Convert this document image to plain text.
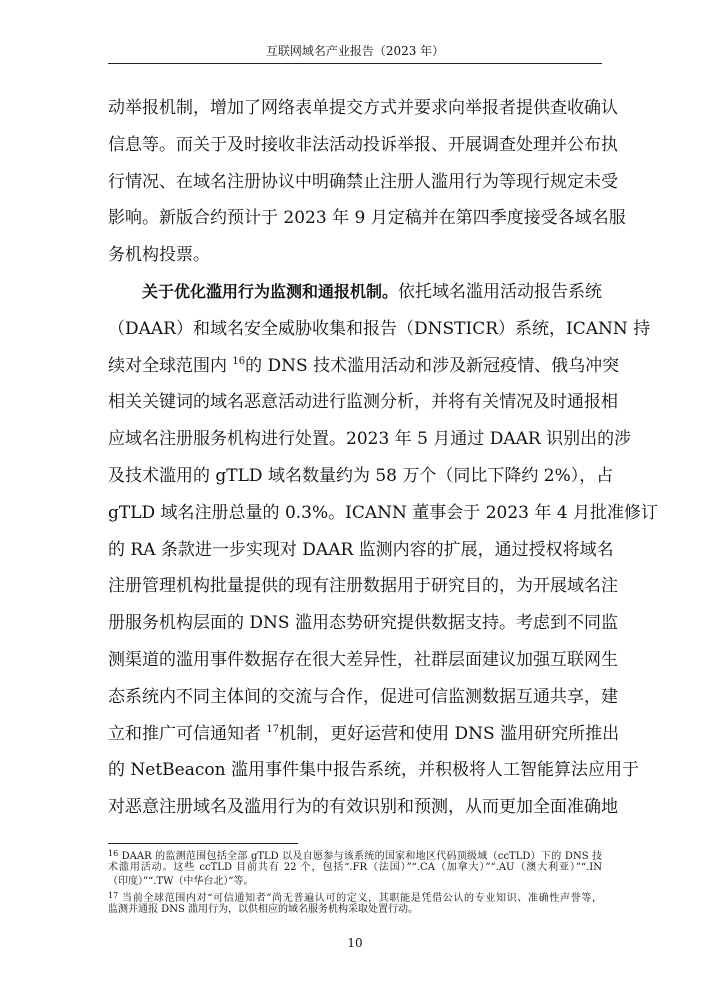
互联网域名产业报告（2023 年）
动举报机制，增加了网络表单提交方式并要求向举报者提供查收确认
信息等。而关于及时接收非法活动投诉举报、开展调查处理并公布执
行情况、在域名注册协议中明确禁止注册人滥用行为等现行规定未受
影响。新版合约预计于 2023 年 9 月定稿并在第四季度接受各域名服
务机构投票。
关于优化滥用行为监测和通报机制。依托域名滥用活动报告系统
（DAAR）和域名安全威胁收集和报告（DNSTICR）系统，ICANN 持
续对全球范围内 $^{16}$的 DNS 技术滥用活动和涉及新冠疫情、俄乌冲突
相关关键词的域名恶意活动进行监测分析，并将有关情况及时通报相
应域名注册服务机构进行处置。2023 年 5 月通过 DAAR 识别出的涉
及技术滥用的 gTLD 域名数量约为 58 万个（同比下降约 2%），占
gTLD 域名注册总量的 0.3%。ICANN 董事会于 2023 年 4 月批准修订
的 RA 条款进一步实现对 DAAR 监测内容的扩展，通过授权将域名
注册管理机构批量提供的现有注册数据用于研究目的，为开展域名注
册服务机构层面的 DNS 滥用态势研究提供数据支持。考虑到不同监
测渠道的滥用事件数据存在很大差异性，社群层面建议加强互联网生
态系统内不同主体间的交流与合作，促进可信监测数据互通共享，建
立和推广可信通知者 $^{17}$机制，更好运营和使用 DNS 滥用研究所推出
的 NetBeacon 滥用事件集中报告系统，并积极将人工智能算法应用于
对恶意注册域名及滥用行为的有效识别和预测，从而更加全面准确地
$^{16}$ DAAR 的监测范围包括全部 gTLD 以及自愿参与该系统的国家和地区代码顶级域（ccTLD）下的 DNS 技
术滥用活动。这些 ccTLD 目前共有 22 个，包括“.FR（法国）”“.CA（加拿大）”“.AU（澳大利亚）”“.IN
（印度）”“.TW（中华台北）”等。
$^{17}$ 当前全球范围内对“可信通知者”尚无普遍认可的定义，其职能是凭借公认的专业知识、准确性声誉等，
监测并通报 DNS 滥用行为，以供相应的域名服务机构采取处置行动。
10
